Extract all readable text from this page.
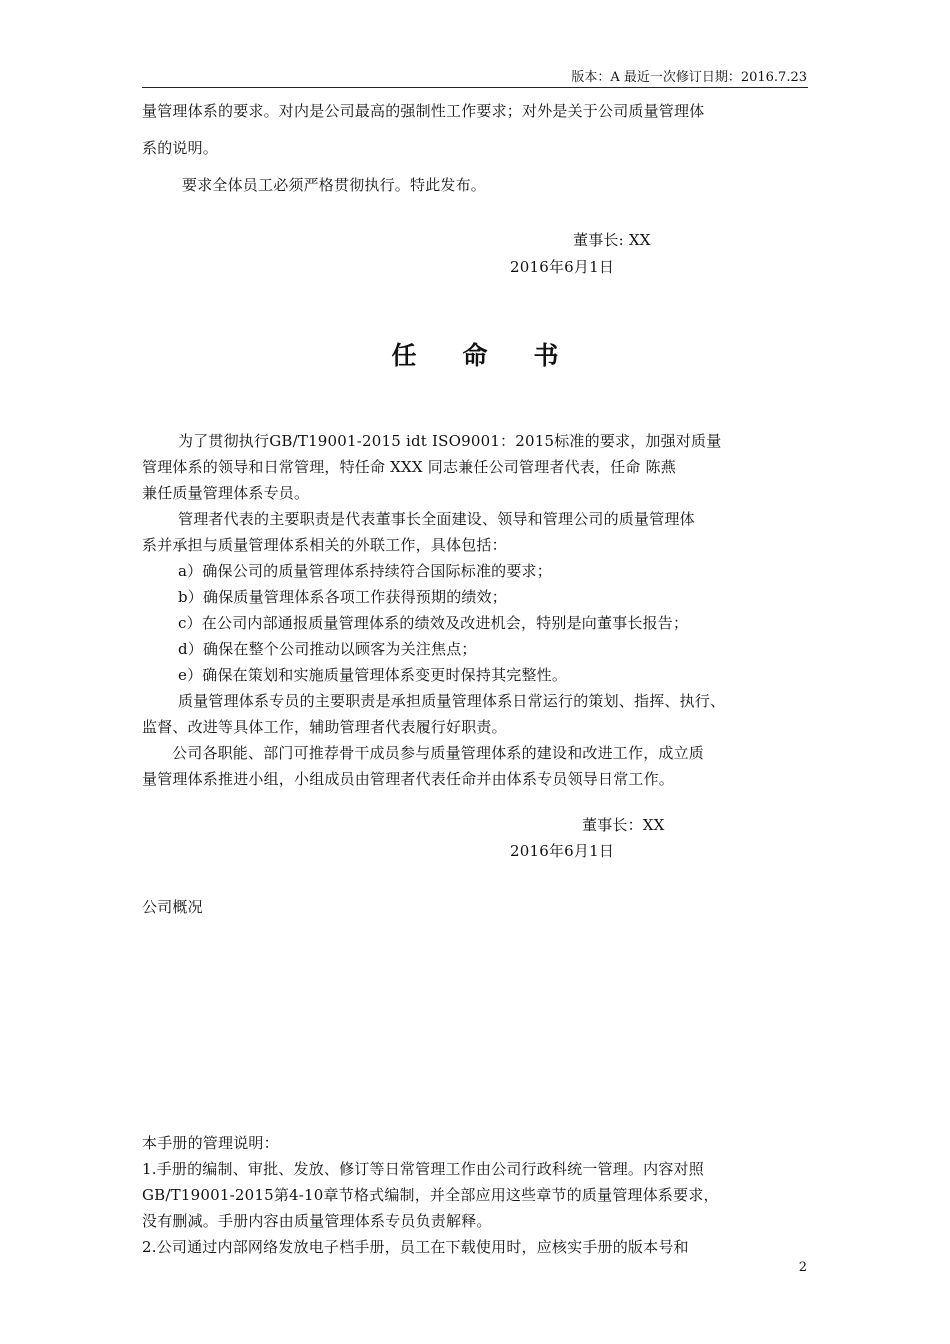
版本：A 最近一次修订日期：2016.7.23
量管理体系的要求。对内是公司最高的强制性工作要求；对外是关于公司质量管理体
系的说明。
要求全体员工必须严格贯彻执行。特此发布。
董事长: XX
2016年6月1日
任命书
为了贯彻执行GB/T19001-2015 idt ISO9001：2015标准的要求，加强对质量
管理体系的领导和日常管理，特任命 XXX 同志兼任公司管理者代表，任命 陈燕
兼任质量管理体系专员。
管理者代表的主要职责是代表董事长全面建设、领导和管理公司的质量管理体
系并承担与质量管理体系相关的外联工作，具体包括：
a）确保公司的质量管理体系持续符合国际标准的要求；
b）确保质量管理体系各项工作获得预期的绩效；
c）在公司内部通报质量管理体系的绩效及改进机会，特别是向董事长报告；
d）确保在整个公司推动以顾客为关注焦点；
e）确保在策划和实施质量管理体系变更时保持其完整性。
质量管理体系专员的主要职责是承担质量管理体系日常运行的策划、指挥、执行、
监督、改进等具体工作，辅助管理者代表履行好职责。
公司各职能、部门可推荐骨干成员参与质量管理体系的建设和改进工作，成立质
量管理体系推进小组，小组成员由管理者代表任命并由体系专员领导日常工作。
董事长：XX
2016年6月1日
公司概况
本手册的管理说明：
1.手册的编制、审批、发放、修订等日常管理工作由公司行政科统一管理。内容对照
GB/T19001-2015第4-10章节格式编制，并全部应用这些章节的质量管理体系要求，
没有删减。手册内容由质量管理体系专员负责解释。
2.公司通过内部网络发放电子档手册，员工在下载使用时，应核实手册的版本号和
2
